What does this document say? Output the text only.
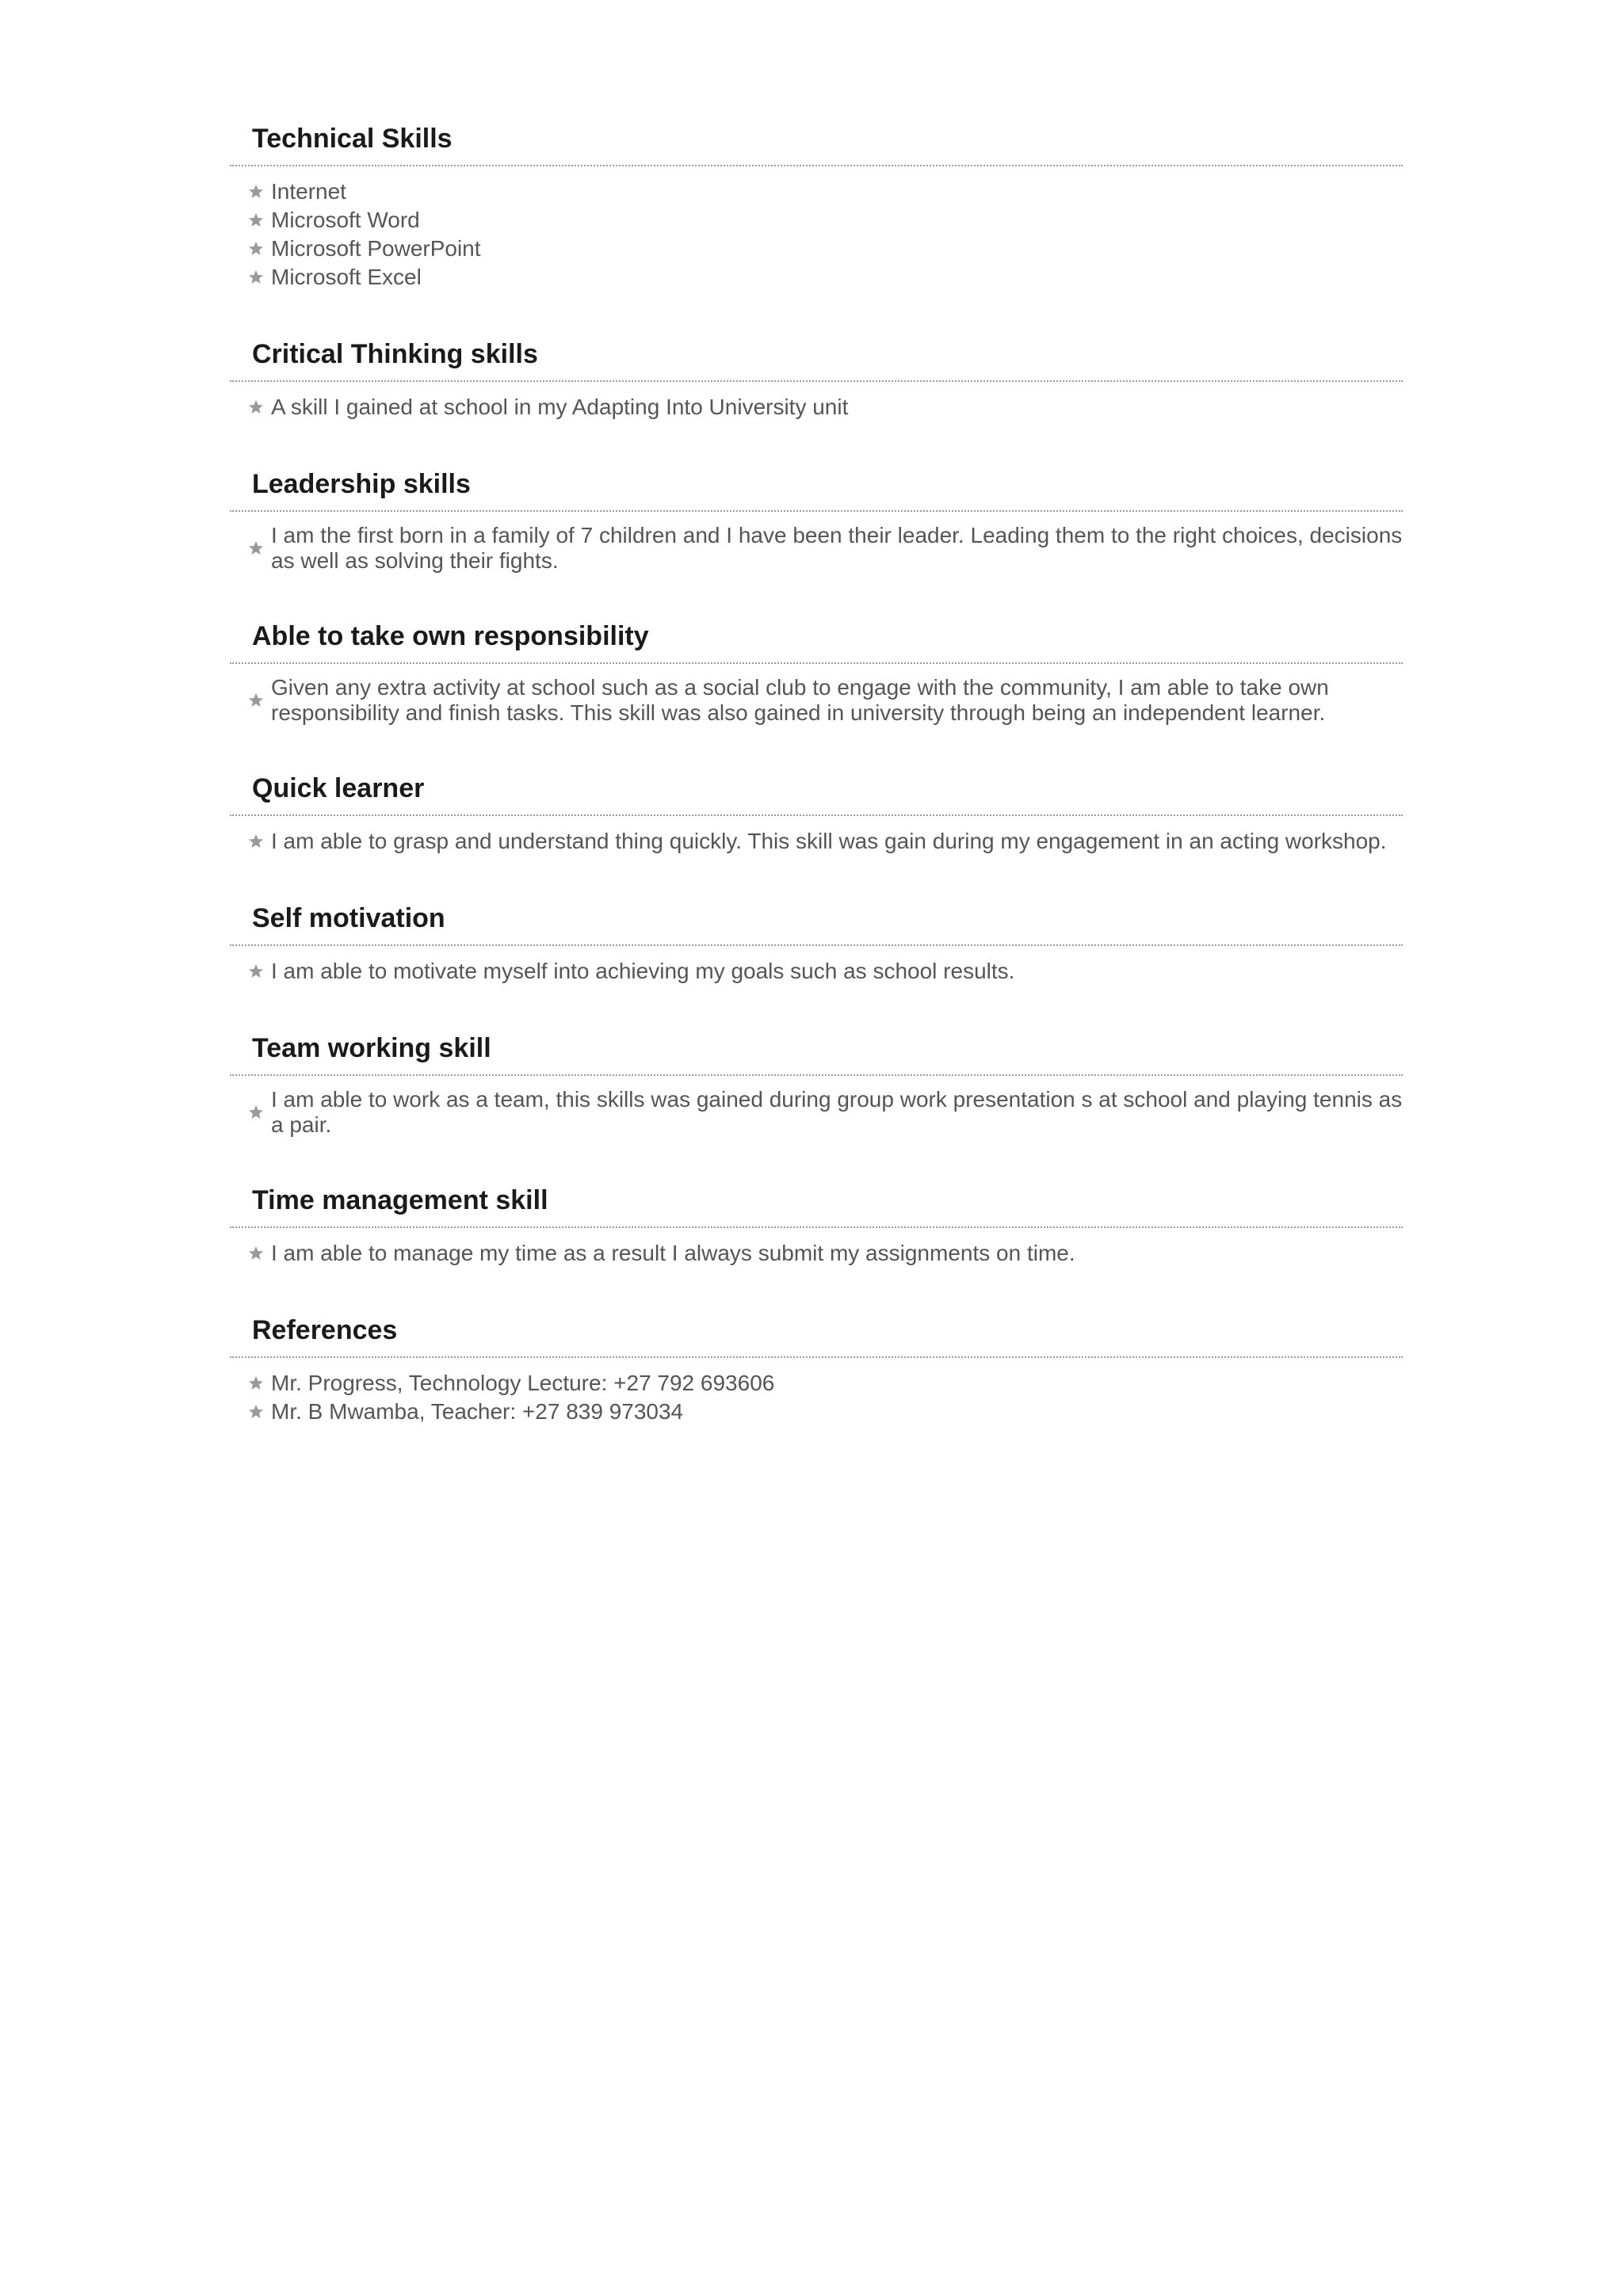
Technical Skills
Internet
Microsoft Word
Microsoft PowerPoint
Microsoft Excel
Critical Thinking skills
A skill I gained at school in my Adapting Into University unit
Leadership skills
I am the first born in a family of 7 children and I have been their leader. Leading them to the right choices, decisions as well as solving their fights.
Able to take own responsibility
Given any extra activity at school such as a social club to engage with the community, I am able to take own responsibility and finish tasks. This skill was also gained in university through being an independent learner.
Quick learner
I am able to grasp and understand thing quickly. This skill was gain during my engagement in an acting workshop.
Self motivation
I am able to motivate myself into achieving my goals such as school results.
Team working skill
I am able to work as a team, this skills was gained during group work presentation s at school and playing tennis as a pair.
Time management skill
I am able to manage my time as a result I always submit my assignments on time.
References
Mr. Progress, Technology Lecture: +27 792 693606
Mr. B Mwamba, Teacher: +27 839 973034
